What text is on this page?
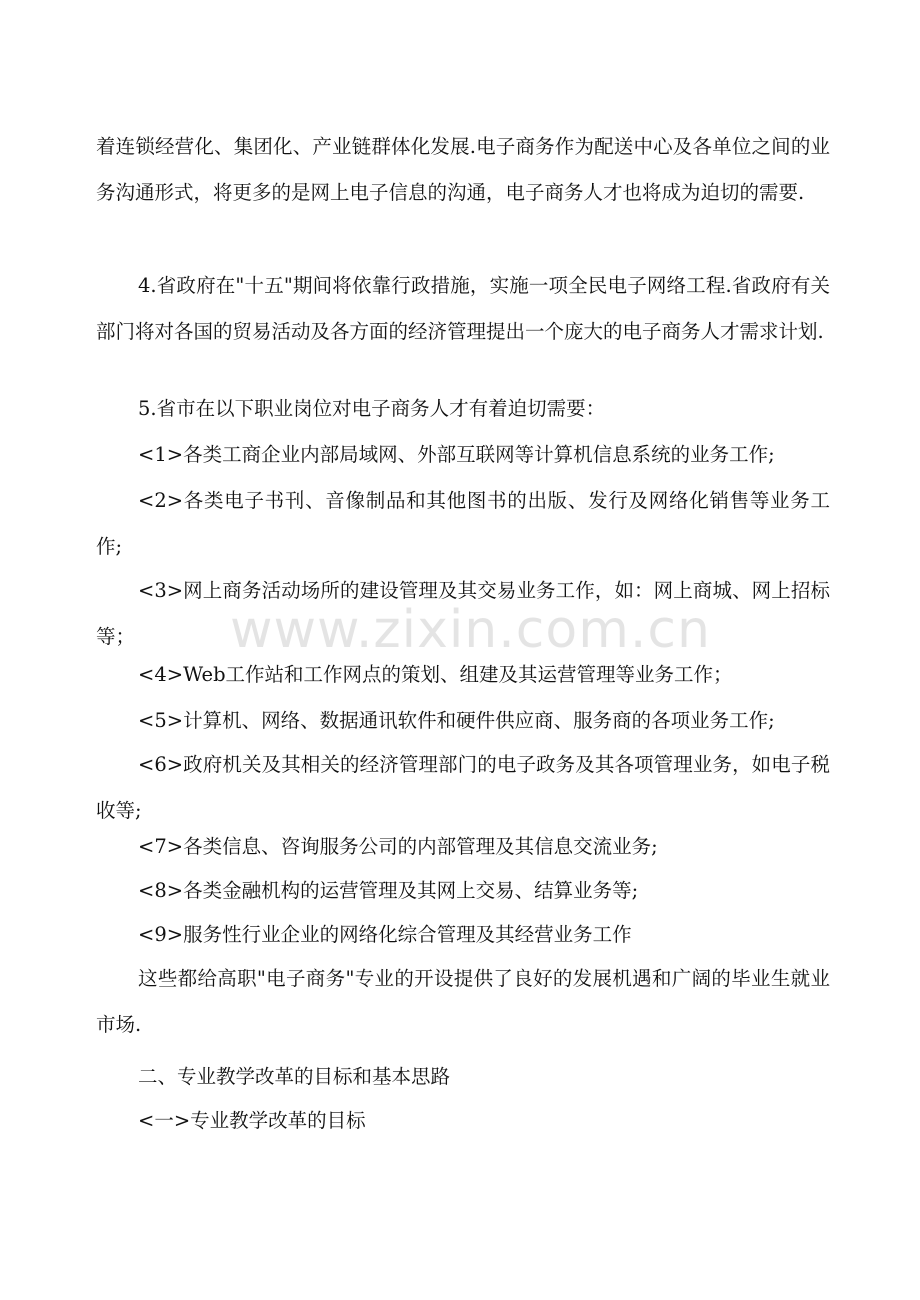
着连锁经营化、集团化、产业链群体化发展.电子商务作为配送中心及各单位之间的业务沟通形式，将更多的是网上电子信息的沟通，电子商务人才也将成为迫切的需要.

4.省政府在"十五"期间将依靠行政措施，实施一项全民电子网络工程.省政府有关部门将对各国的贸易活动及各方面的经济管理提出一个庞大的电子商务人才需求计划.

5.省市在以下职业岗位对电子商务人才有着迫切需要：

<1>各类工商企业内部局域网、外部互联网等计算机信息系统的业务工作;

<2>各类电子书刊、音像制品和其他图书的出版、发行及网络化销售等业务工作;

<3>网上商务活动场所的建设管理及其交易业务工作，如：网上商城、网上招标等；

<4>Web工作站和工作网点的策划、组建及其运营管理等业务工作；

<5>计算机、网络、数据通讯软件和硬件供应商、服务商的各项业务工作;

<6>政府机关及其相关的经济管理部门的电子政务及其各项管理业务，如电子税收等;

<7>各类信息、咨询服务公司的内部管理及其信息交流业务;

<8>各类金融机构的运营管理及其网上交易、结算业务等;

<9>服务性行业企业的网络化综合管理及其经营业务工作

这些都给高职"电子商务"专业的开设提供了良好的发展机遇和广阔的毕业生就业市场.

二、专业教学改革的目标和基本思路

<一>专业教学改革的目标

www.zixin.com.cn
